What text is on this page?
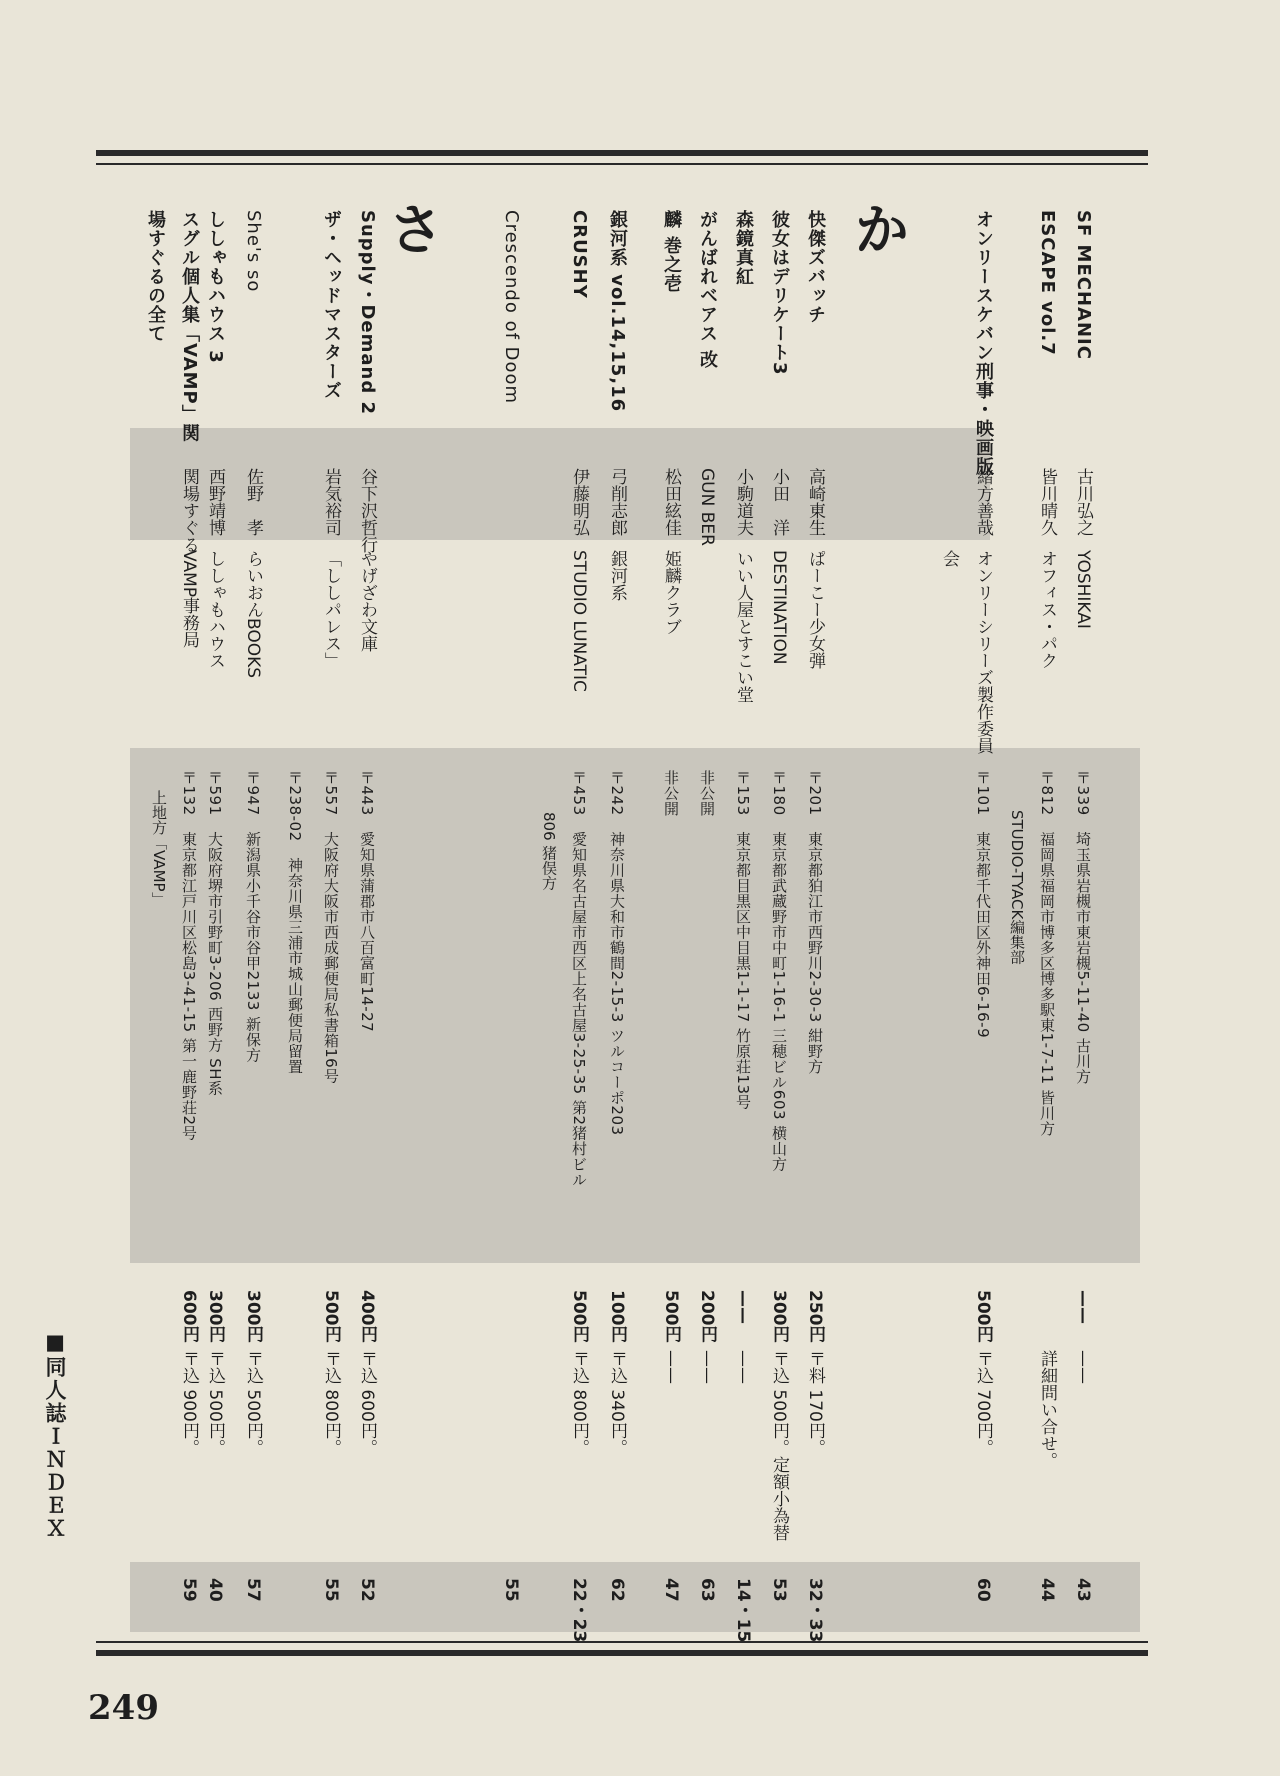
か
さ	SF MECHANIC
古川弘之
YOSHIKAI
〒339　埼玉県岩槻市東岩槻5-11-40 古川方
——
——
43
ESCAPE vol.7
皆川晴久
オフィス・パク
〒812　福岡県福岡市博多区博多駅東1-7-11 皆川方
詳細問い合せ。
44
STUDIO-TYACK編集部
オンリースケバン刑事・映画版
緒方善哉
オンリーシリーズ製作委員会
〒101　東京都千代田区外神田6-16-9
500円
〒込 700円。
60
快傑ズバッチ
高崎東生
ぱーこー少女弾
〒201　東京都狛江市西野川2-30-3 紺野方
250円
〒料 170円。
32・33
彼女はデリケート3
小田　洋
DESTINATION
〒180　東京都武蔵野市中町1-16-1 三穂ビル603 横山方
300円
〒込 500円。定額小為替
53
森鏡真紅
小駒道夫
いい人屋とすこい堂
〒153　東京都目黒区中目黒1-1-17 竹原荘13号
——
——
14・15
がんばれベアス 改
GUN BER
非公開
200円
——
63
麟 巻之壱
松田絃佳
姫麟クラブ
非公開
500円
——
47
銀河系 vol.14,15,16
弓削志郎
銀河系
〒242　神奈川県大和市鶴間2-15-3 ツルコーポ203
100円
〒込 340円。
62
CRUSHY
伊藤明弘
STUDIO LUNATIC
〒453　愛知県名古屋市西区上名古屋3-25-35 第2猪村ビル
500円
〒込 800円。
22・23
806 猪俣方
Crescendo of Doom
55
Supply・Demand 2
谷下沢哲行
やげざわ文庫
〒443　愛知県蒲郡市八百富町14-27
400円
〒込 600円。
52
ザ・ヘッドマスターズ
岩気裕司
「ししパレス」
〒557　大阪府大阪市西成郵便局私書箱16号
500円
〒込 800円。
55
〒238-02　神奈川県三浦市城山郵便局留置
She's so
佐野　孝
らいおんBOOKS
〒947　新潟県小千谷市谷甲2133 新保方
300円
〒込 500円。
57
ししゃもハウス 3
西野靖博
ししゃもハウス
〒591　大阪府堺市引野町3-206 西野方 SH系
300円
〒込 500円。
40
スグル個人集「VAMP」関場すぐるの全て
関場すぐる
VAMP事務局
〒132　東京都江戸川区松島3-41-15 第一鹿野荘2号
上地方「VAMP」
600円
〒込 900円。
59
■同人誌ＩＮＤＥＸ
249
